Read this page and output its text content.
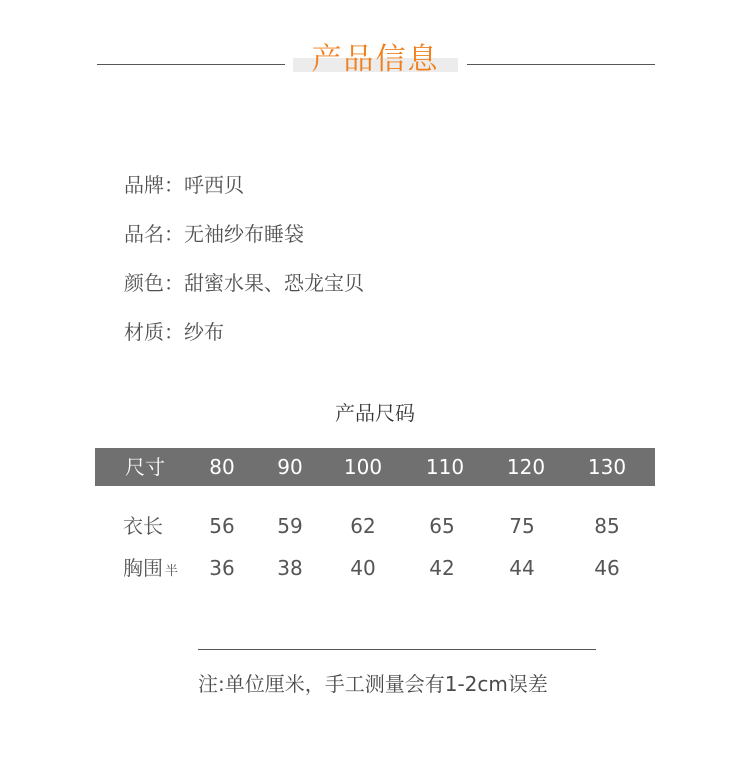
产品信息
品牌：呼西贝
品名：无袖纱布睡袋
颜色：甜蜜水果、恐龙宝贝
材质：纱布
产品尺码
尺寸	80	90	100	110	120	130
衣长	56	59	62	65	75	85
胸围 半	36	38	40	42	44	46
注:单位厘米，手工测量会有1-2cm误差
